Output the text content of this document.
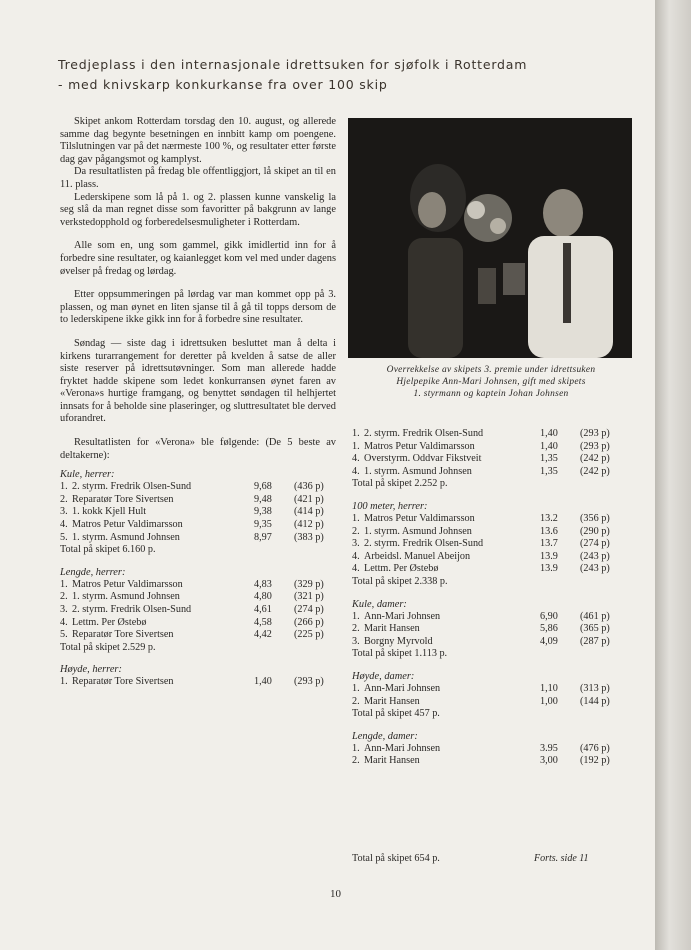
Tredjeplass i den internasjonale idrettsuken for sjøfolk i Rotterdam
- med knivskarp konkurkanse fra over 100 skip

Skipet ankom Rotterdam torsdag den 10. august, og allerede samme dag begynte besetningen en innbitt kamp om poengene. Tilslutningen var på det nærmeste 100 %, og resultater etter første dag gav pågangsmot og kamplyst.

Da resultatlisten på fredag ble offentliggjort, lå skipet an til en 11. plass.

Lederskipene som lå på 1. og 2. plassen kunne vanskelig la seg slå da man regnet disse som favoritter på bakgrunn av lange verkstedopphold og forberedelsesmuligheter i Rotterdam.

Alle som en, ung som gammel, gikk imidlertid inn for å forbedre sine resultater, og kaianlegget kom vel med under dagens øvelser på fredag og lørdag.

Etter oppsummeringen på lørdag var man kommet opp på 3. plassen, og man øynet en liten sjanse til å gå til topps dersom de to lederskipene ikke gikk inn for å forbedre sine resultater.

Søndag — siste dag i idrettsuken besluttet man å delta i kirkens turarrangement for deretter på kvelden å satse de aller siste reserver på idrettsutøvninger. Som man allerede hadde fryktet hadde skipene som ledet konkurransen øynet faren av «Verona»s hurtige framgang, og benyttet søndagen til helhjertet innsats for å beholde sine plaseringer, og sluttresultatet ble derved uforandret.

Resultatlisten for «Verona» ble følgende: (De 5 beste av deltakerne):

Kule, herrer:
1. 2. styrm. Fredrik Olsen-Sund	9,68	(436 p)
2. Reparatør Tore Sivertsen	9,48	(421 p)
3. 1. kokk Kjell Hult	9,38	(414 p)
4. Matros Petur Valdimarsson	9,35	(412 p)
5. 1. styrm. Asmund Johnsen	8,97	(383 p)
Total på skipet 6.160 p.
Lengde, herrer:
1. Matros Petur Valdimarsson	4,83	(329 p)
2. 1. styrm. Asmund Johnsen	4,80	(321 p)
3. 2. styrm. Fredrik Olsen-Sund	4,61	(274 p)
4. Lettm. Per Østebø	4,58	(266 p)
5. Reparatør Tore Sivertsen	4,42	(225 p)
Total på skipet 2.529 p.
Høyde, herrer:
1. Reparatør Tore Sivertsen	1,40	(293 p)
Overrekkelse av skipets 3. premie under idrettsuken
Hjelpepike Ann-Mari Johnsen, gift med skipets
1. styrmann og kaptein Johan Johnsen
1. 2. styrm. Fredrik Olsen-Sund	1,40	(293 p)
1. Matros Petur Valdimarsson	1,40	(293 p)
4. Overstyrm. Oddvar Fikstveit	1,35	(242 p)
4. 1. styrm. Asmund Johnsen	1,35	(242 p)
Total på skipet 2.252 p.
100 meter, herrer:
1. Matros Petur Valdimarsson	13.2	(356 p)
2. 1. styrm. Asmund Johnsen	13.6	(290 p)
3. 2. styrm. Fredrik Olsen-Sund	13.7	(274 p)
4. Arbeidsl. Manuel Abeijon	13.9	(243 p)
4. Lettm. Per Østebø	13.9	(243 p)
Total på skipet 2.338 p.
Kule, damer:
1. Ann-Mari Johnsen	6,90	(461 p)
2. Marit Hansen	5,86	(365 p)
3. Borgny Myrvold	4,09	(287 p)
Total på skipet 1.113 p.
Høyde, damer:
1. Ann-Mari Johnsen	1,10	(313 p)
2. Marit Hansen	1,00	(144 p)
Total på skipet 457 p.
Lengde, damer:
1. Ann-Mari Johnsen	3.95	(476 p)
2. Marit Hansen	3,00	(192 p)
Total på skipet 654 p.	Forts. side 11
10
